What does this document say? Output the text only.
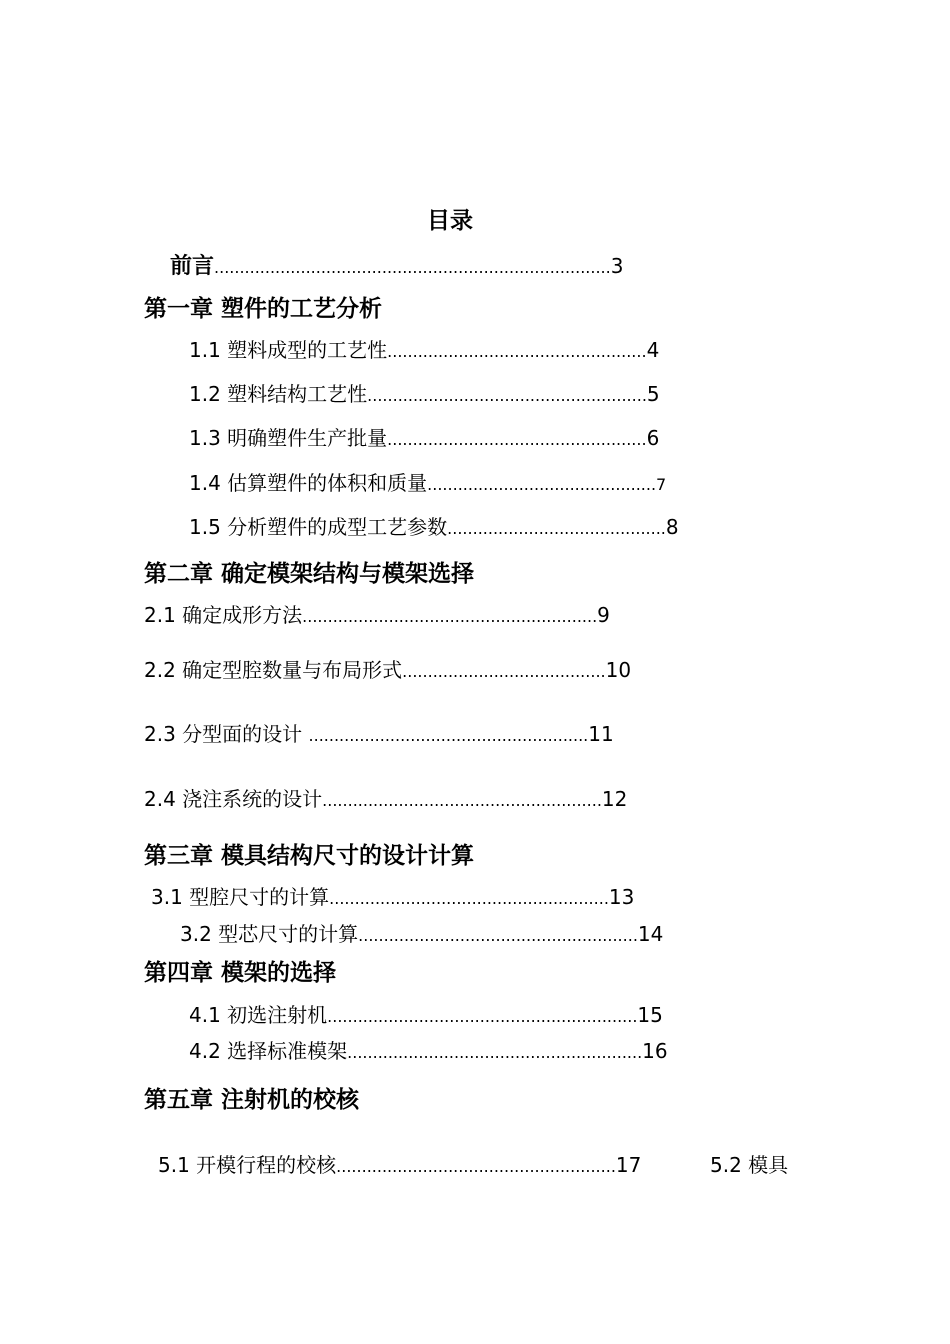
目录
前言..............................................................................3
第一章 塑件的工艺分析
1.1 塑料成型的工艺性...................................................4
1.2 塑料结构工艺性.......................................................5
1.3 明确塑件生产批量...................................................6
1.4 估算塑件的体积和质量.............................................7
1.5 分析塑件的成型工艺参数...........................................8
第二章 确定模架结构与模架选择
2.1 确定成形方法..........................................................9
2.2 确定型腔数量与布局形式........................................10
2.3 分型面的设计 .......................................................11
2.4 浇注系统的设计.......................................................12
第三章 模具结构尺寸的设计计算
3.1 型腔尺寸的计算.......................................................13
3.2 型芯尺寸的计算.......................................................14
第四章 模架的选择
4.1 初选注射机.............................................................15
4.2 选择标准模架..........................................................16
第五章 注射机的校核
5.1 开模行程的校核.......................................................17	5.2 模具
